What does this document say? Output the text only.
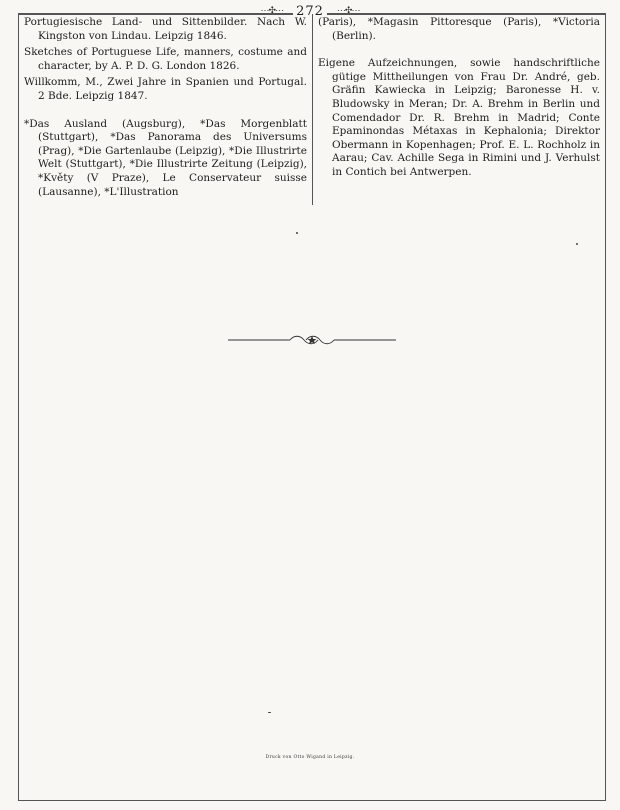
⋯✣⋯ 272	⋯✣⋯

Portugiesische Land- und Sittenbilder. Nach W. Kingston von Lindau. Leipzig 1846.

Sketches of Portuguese Life, manners, costume and character, by A. P. D. G. London 1826.

Willkomm, M., Zwei Jahre in Spanien und Portugal. 2 Bde. Leipzig 1847.

*Das Ausland (Augsburg), *Das Morgenblatt (Stuttgart), *Das Panorama des Universums (Prag), *Die Gartenlaube (Leipzig), *Die Illustrirte Welt (Stuttgart), *Die Illustrirte Zeitung (Leipzig), *Květy (V Praze), Le Conservateur suisse (Lausanne), *L'Illustration

(Paris), *Magasin Pittoresque (Paris), *Victoria (Berlin).

Eigene Aufzeichnungen, sowie handschriftliche gütige Mittheilungen von Frau Dr. André, geb. Gräfin Kawiecka in Leipzig; Baronesse H. v. Bludowsky in Meran; Dr. A. Brehm in Berlin und Comendador Dr. R. Brehm in Madrid; Conte Epaminondas Métaxas in Kephalonia; Direktor Obermann in Kopenhagen; Prof. E. L. Rochholz in Aarau; Cav. Achille Sega in Rimini und J. Verhulst in Contich bei Antwerpen.

Druck von Otto Wigand in Leipzig.
